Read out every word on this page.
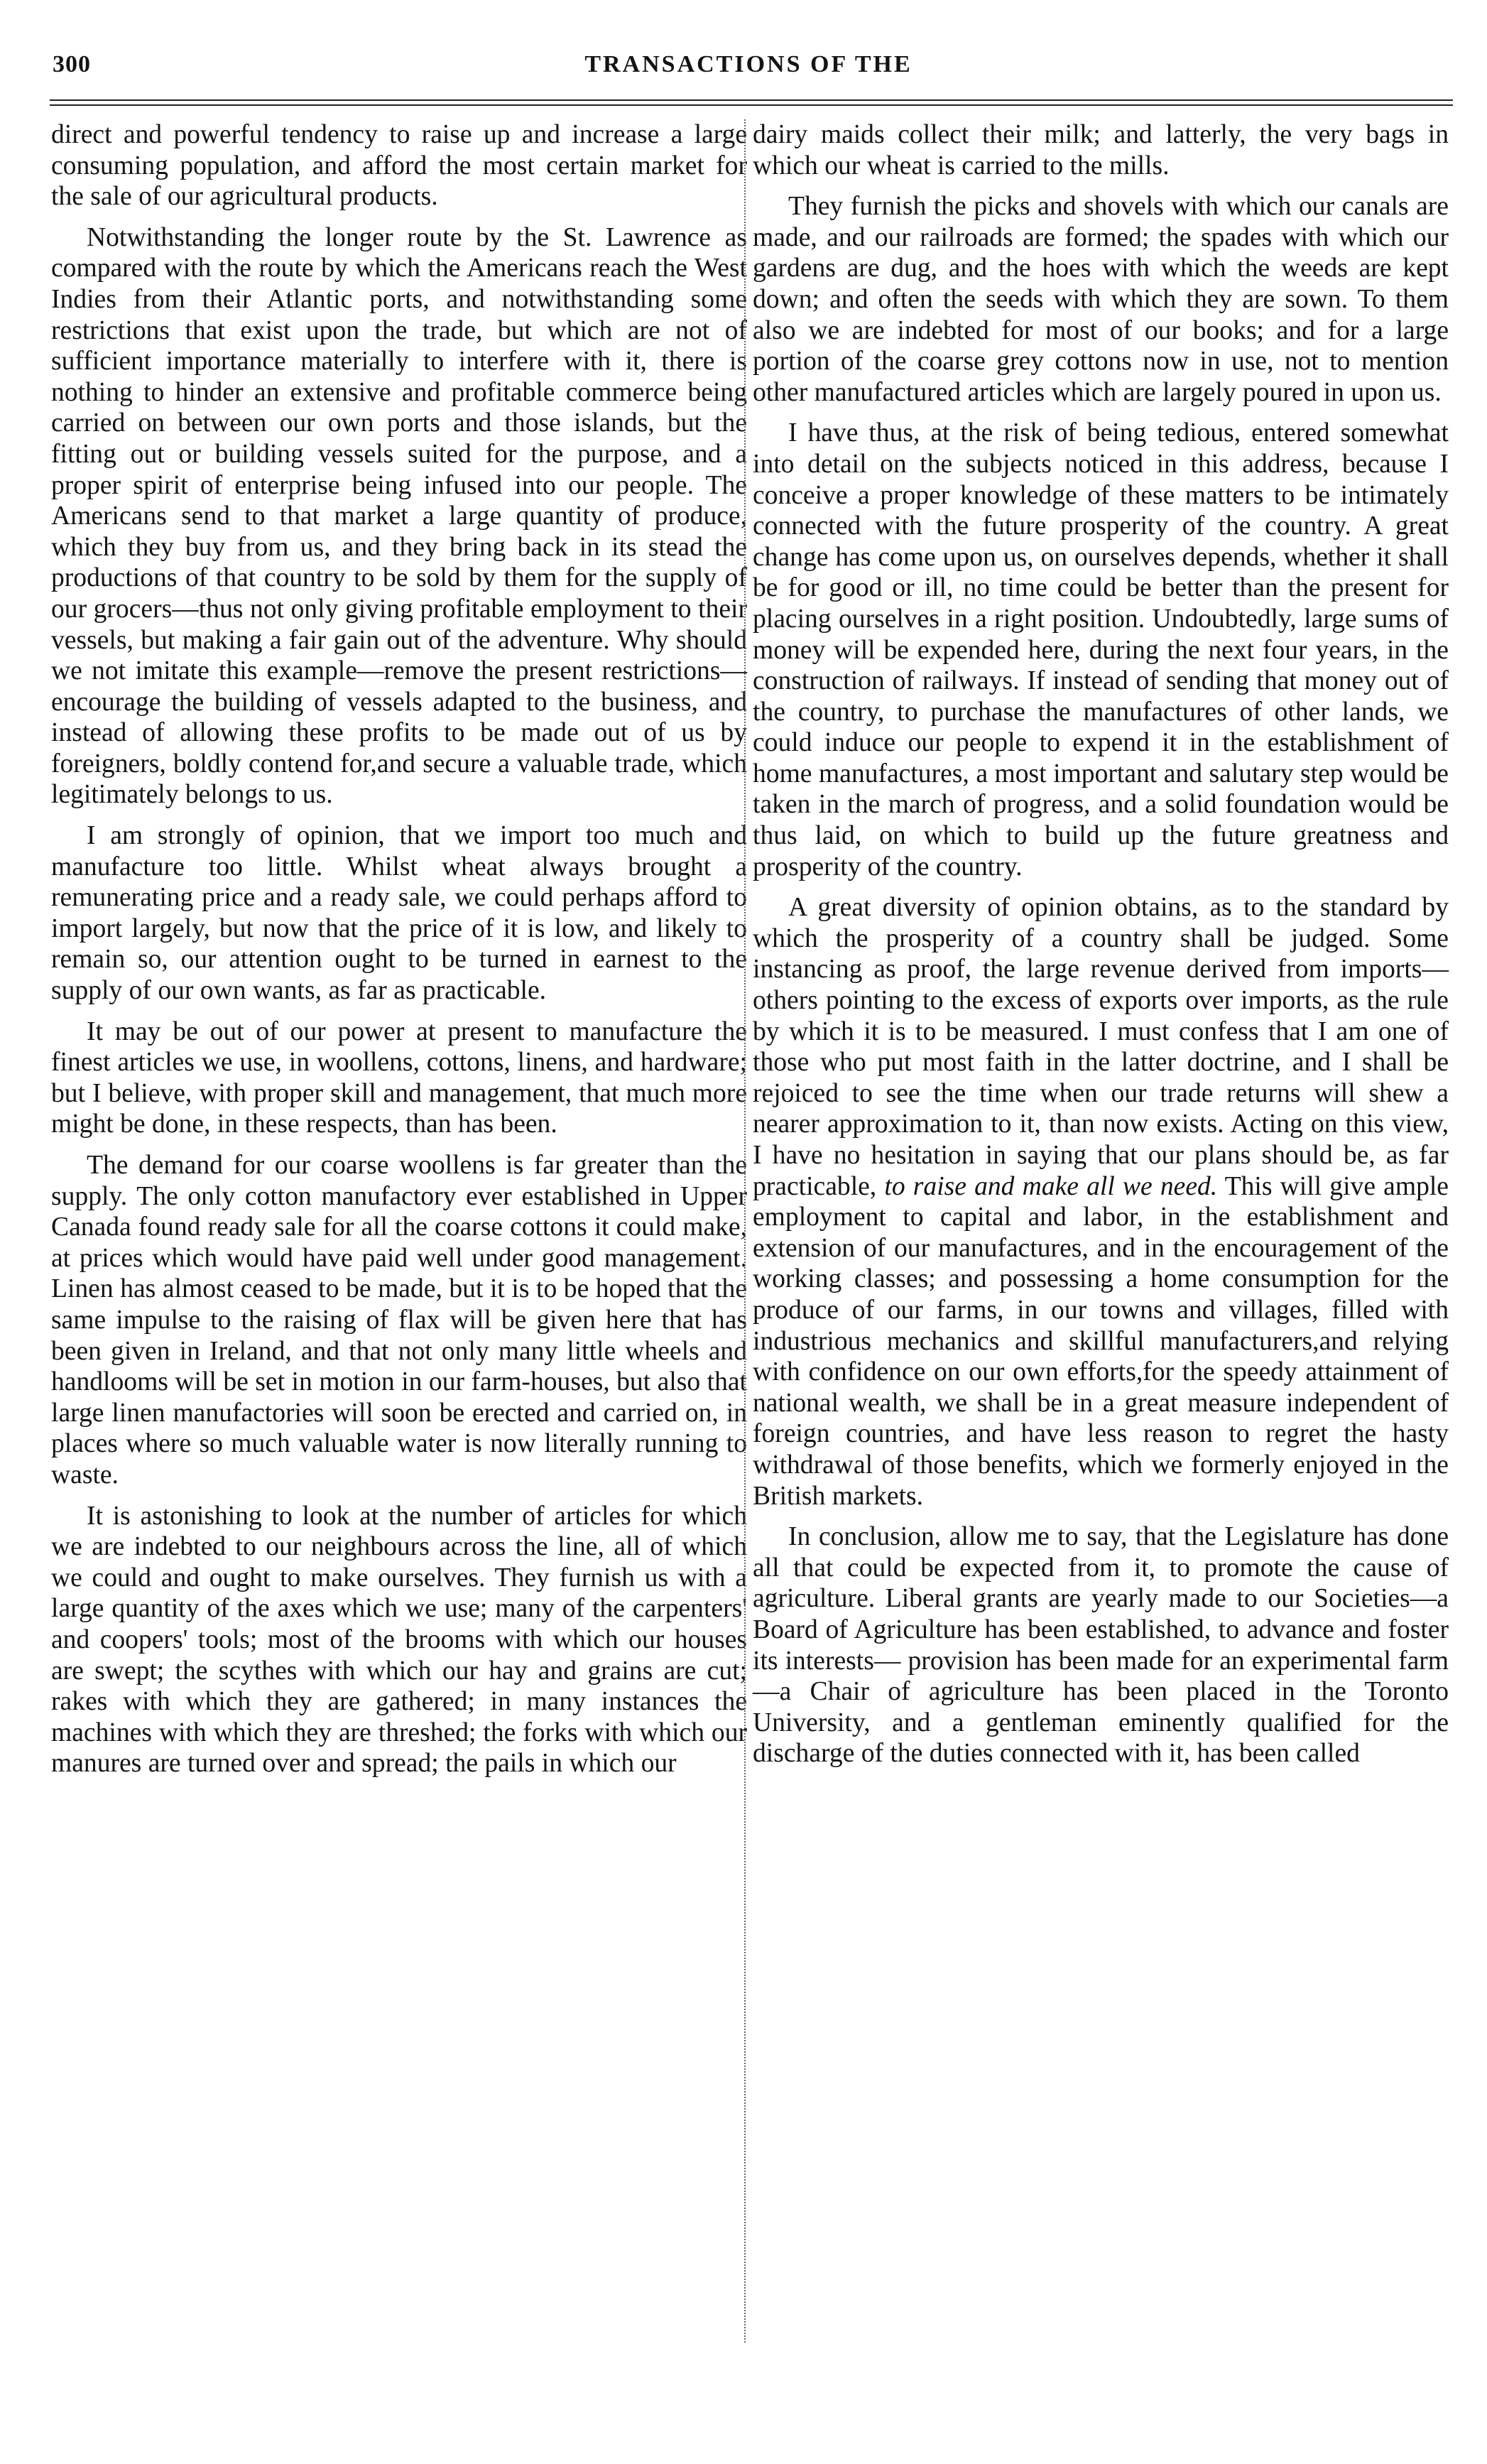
300	TRANSACTIONS OF THE

direct and powerful tendency to raise up and increase a large consuming population, and afford the most certain market for the sale of our agricultural products.

Notwithstanding the longer route by the St. Lawrence as compared with the route by which the Americans reach the West Indies from their Atlantic ports, and notwithstanding some restrictions that exist upon the trade, but which are not of sufficient importance materially to interfere with it, there is nothing to hinder an extensive and profitable commerce being carried on between our own ports and those islands, but the fitting out or building vessels suited for the purpose, and a proper spirit of enterprise being infused into our people. The Americans send to that market a large quantity of produce, which they buy from us, and they bring back in its stead the productions of that country to be sold by them for the supply of our grocers—thus not only giving profitable employment to their vessels, but making a fair gain out of the adventure. Why should we not imitate this example—remove the present restrictions—encourage the building of vessels adapted to the business, and instead of allowing these profits to be made out of us by foreigners, boldly contend for,and secure a valuable trade, which legitimately belongs to us.

I am strongly of opinion, that we import too much and manufacture too little. Whilst wheat always brought a remunerating price and a ready sale, we could perhaps afford to import largely, but now that the price of it is low, and likely to remain so, our attention ought to be turned in earnest to the supply of our own wants, as far as practicable.

It may be out of our power at present to manufacture the finest articles we use, in woollens, cottons, linens, and hardware; but I believe, with proper skill and management, that much more might be done, in these respects, than has been.

The demand for our coarse woollens is far greater than the supply. The only cotton manufactory ever established in Upper Canada found ready sale for all the coarse cottons it could make, at prices which would have paid well under good management. Linen has almost ceased to be made, but it is to be hoped that the same impulse to the raising of flax will be given here that has been given in Ireland, and that not only many little wheels and handlooms will be set in motion in our farm-houses, but also that large linen manufactories will soon be erected and carried on, in places where so much valuable water is now literally running to waste.

It is astonishing to look at the number of articles for which we are indebted to our neighbours across the line, all of which we could and ought to make ourselves. They furnish us with a large quantity of the axes which we use; many of the carpenters' and coopers' tools; most of the brooms with which our houses are swept; the scythes with which our hay and grains are cut; rakes with which they are gathered; in many instances the machines with which they are threshed; the forks with which our manures are turned over and spread; the pails in which our

dairy maids collect their milk; and latterly, the very bags in which our wheat is carried to the mills.

They furnish the picks and shovels with which our canals are made, and our railroads are formed; the spades with which our gardens are dug, and the hoes with which the weeds are kept down; and often the seeds with which they are sown. To them also we are indebted for most of our books; and for a large portion of the coarse grey cottons now in use, not to mention other manufactured articles which are largely poured in upon us.

I have thus, at the risk of being tedious, entered somewhat into detail on the subjects noticed in this address, because I conceive a proper knowledge of these matters to be intimately connected with the future prosperity of the country. A great change has come upon us, on ourselves depends, whether it shall be for good or ill, no time could be better than the present for placing ourselves in a right position. Undoubtedly, large sums of money will be expended here, during the next four years, in the construction of railways. If instead of sending that money out of the country, to purchase the manufactures of other lands, we could induce our people to expend it in the establishment of home manufactures, a most important and salutary step would be taken in the march of progress, and a solid foundation would be thus laid, on which to build up the future greatness and prosperity of the country.

A great diversity of opinion obtains, as to the standard by which the prosperity of a country shall be judged. Some instancing as proof, the large revenue derived from imports—others pointing to the excess of exports over imports, as the rule by which it is to be measured. I must confess that I am one of those who put most faith in the latter doctrine, and I shall be rejoiced to see the time when our trade returns will shew a nearer approximation to it, than now exists. Acting on this view, I have no hesitation in saying that our plans should be, as far practicable, to raise and make all we need. This will give ample employment to capital and labor, in the establishment and extension of our manufactures, and in the encouragement of the working classes; and possessing a home consumption for the produce of our farms, in our towns and villages, filled with industrious mechanics and skillful manufacturers,and relying with confidence on our own efforts,for the speedy attainment of national wealth, we shall be in a great measure independent of foreign countries, and have less reason to regret the hasty withdrawal of those benefits, which we formerly enjoyed in the British markets.

In conclusion, allow me to say, that the Legislature has done all that could be expected from it, to promote the cause of agriculture. Liberal grants are yearly made to our Societies—a Board of Agriculture has been established, to advance and foster its interests— provision has been made for an experimental farm—a Chair of agriculture has been placed in the Toronto University, and a gentleman eminently qualified for the discharge of the duties connected with it, has been called
